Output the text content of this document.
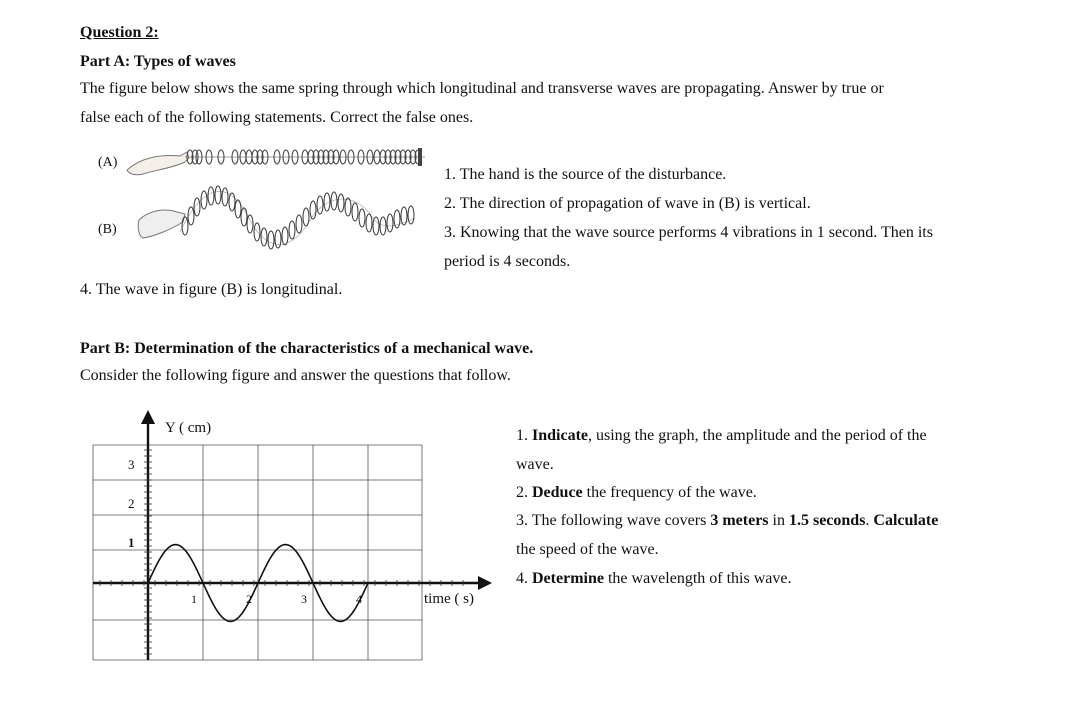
Question 2:
Part A: Types of waves
The figure below shows the same spring through which longitudinal and transverse waves are propagating. Answer by true or
false each of the following statements. Correct the false ones.
(A)
(B)
1. The hand is the source of the disturbance.
2. The direction of propagation of wave in (B) is vertical.
3. Knowing that the wave source performs 4 vibrations in 1 second. Then its
period is 4 seconds.
4. The wave in figure (B) is longitudinal.
Part B: Determination of the characteristics of a mechanical wave.
Consider the following figure and answer the questions that follow.
1	2	3	4
1
2
3
Y ( cm)
time ( s)
1. Indicate, using the graph, the amplitude and the period of the
wave.
2. Deduce the frequency of the wave.
3. The following wave covers 3 meters in 1.5 seconds. Calculate
the speed of the wave.
4. Determine the wavelength of this wave.
